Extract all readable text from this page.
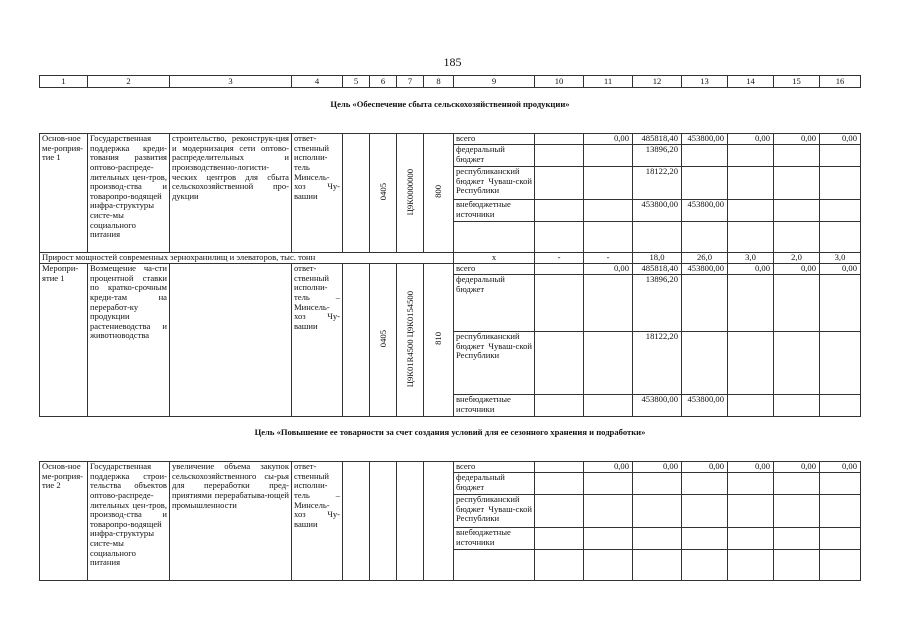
185
1	2	3	4	5	6	7	8	9	10	11	12	13	14	15	16
Цель «Обеспечение сбыта сельскохозяйственной продукции»															

Основ-ное ме-роприя-тие 1	Государственная поддержка креди-тования развития оптово-распреде-лительных цен-тров, производ-ства и товаропро-водящей инфра-структуры систе-мы социального питания	строительство, реконструк-ция и модернизация сети оптово-распределительных и производственно-логисти-ческих центров для сбыта сельскохозяйственной про-дукции	ответ-ственный исполни-тель Минсель-хоз Чу-вашии		0405	Ц9К0000000	800	всего		0,00	485818,40	453800,00	0,00	0,00	0,00
								федеральный бюджет			13896,20				
								республиканский бюджет Чуваш-ской Республики			18122,20				
								внебюджетные источники			453800,00	453800,00			

Прирост мощностей современных зернохранилищ и элеваторов, тыс. тонн								x	-	-	18,0	26,0	3,0	2,0	3,0
Меропри-ятие 1	Возмещение ча-сти процентной ставки по кратко-срочным креди-там на переработ-ку продукции растениеводства и животноводства		ответ-ственный исполни-тель – Минсель-хоз Чу-вашии		0405	Ц9К01R4500 Ц9К0154500	810	всего		0,00	485818,40	453800,00	0,00	0,00	0,00
								федеральный бюджет			13896,20				
								республиканский бюджет Чуваш-ской Республики			18122,20				
								внебюджетные источники			453800,00	453800,00			
Цель «Повышение ее товарности за счет создания условий для ее сезонного хранения и подработки»															

Основ-ное ме-роприя-тие 2	Государственная поддержка строи-тельства объектов оптово-распреде-лительных цен-тров, производ-ства и товаропро-водящей инфра-структуры систе-мы социального питания	увеличение объема закупок сельскохозяйственного сы-рья для переработки пред-приятиями перерабатыва-ющей промышленности	ответ-ственный исполни-тель – Минсель-хоз Чу-вашии					всего		0,00	0,00	0,00	0,00	0,00	0,00
								федеральный бюджет							
								республиканский бюджет Чуваш-ской Республики							
								внебюджетные источники							
